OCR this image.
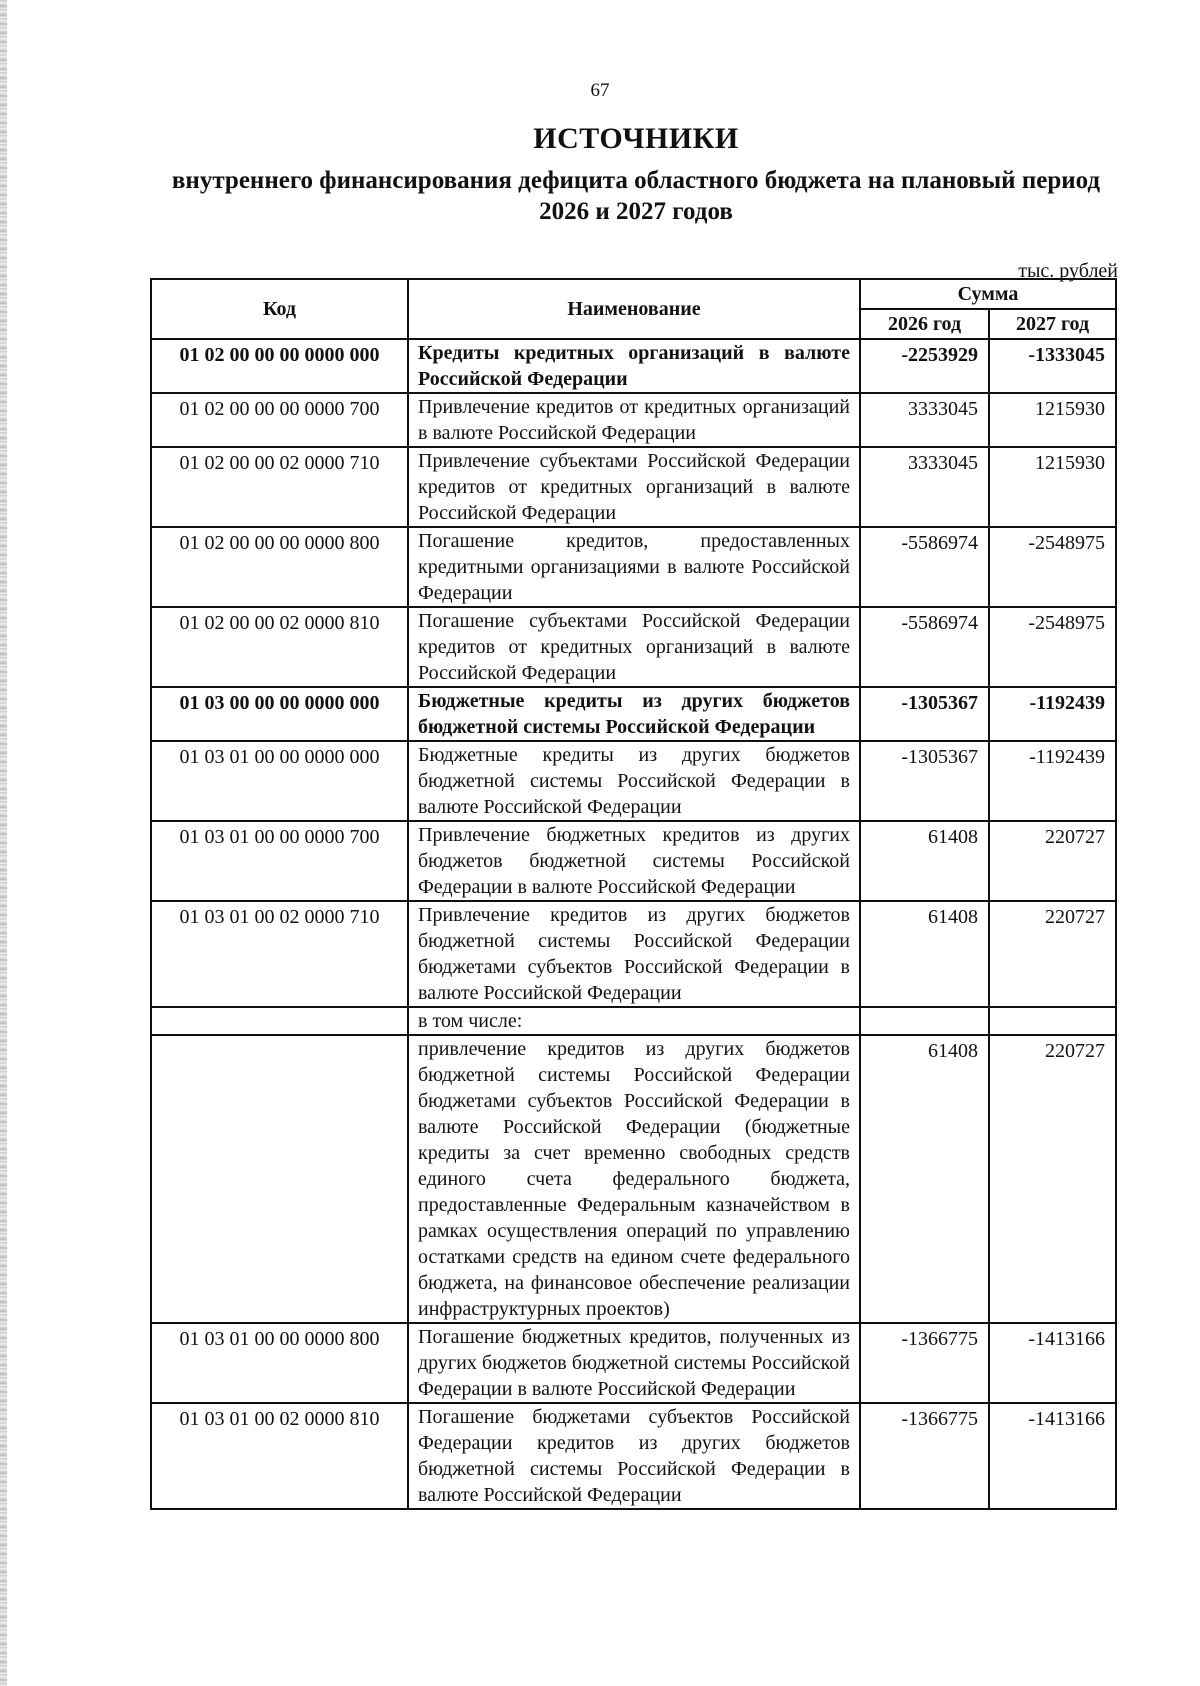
67
ИСТОЧНИКИ
внутреннего финансирования дефицита областного бюджета на плановый период 2026 и 2027 годов
тыс. рублей
Код	Наименование	Сумма	
		2026 год	2027 год
01 02 00 00 00 0000 000	Кредиты кредитных организаций в валюте Российской Федерации	-2253929	-1333045
01 02 00 00 00 0000 700	Привлечение кредитов от кредитных организаций в валюте Российской Федерации	3333045	1215930
01 02 00 00 02 0000 710	Привлечение субъектами Российской Федерации кредитов от кредитных организаций в валюте Российской Федерации	3333045	1215930
01 02 00 00 00 0000 800	Погашение кредитов, предоставленных кредитными организациями в валюте Российской Федерации	-5586974	-2548975
01 02 00 00 02 0000 810	Погашение субъектами Российской Федерации кредитов от кредитных организаций в валюте Российской Федерации	-5586974	-2548975
01 03 00 00 00 0000 000	Бюджетные кредиты из других бюджетов бюджетной системы Российской Федерации	-1305367	-1192439
01 03 01 00 00 0000 000	Бюджетные кредиты из других бюджетов бюджетной системы Российской Федерации в валюте Российской Федерации	-1305367	-1192439
01 03 01 00 00 0000 700	Привлечение бюджетных кредитов из других бюджетов бюджетной системы Российской Федерации в валюте Российской Федерации	61408	220727
01 03 01 00 02 0000 710	Привлечение кредитов из других бюджетов бюджетной системы Российской Федерации бюджетами субъектов Российской Федерации в валюте Российской Федерации	61408	220727
	в том числе:		
	привлечение кредитов из других бюджетов бюджетной системы Российской Федерации бюджетами субъектов Российской Федерации в валюте Российской Федерации (бюджетные кредиты за счет временно свободных средств единого счета федерального бюджета, предоставленные Федеральным казначейством в рамках осуществления операций по управлению остатками средств на едином счете федерального бюджета, на финансовое обеспечение реализации инфраструктурных проектов)	61408	220727
01 03 01 00 00 0000 800	Погашение бюджетных кредитов, полученных из других бюджетов бюджетной системы Российской Федерации в валюте Российской Федерации	-1366775	-1413166
01 03 01 00 02 0000 810	Погашение бюджетами субъектов Российской Федерации кредитов из других бюджетов бюджетной системы Российской Федерации в валюте Российской Федерации	-1366775	-1413166
